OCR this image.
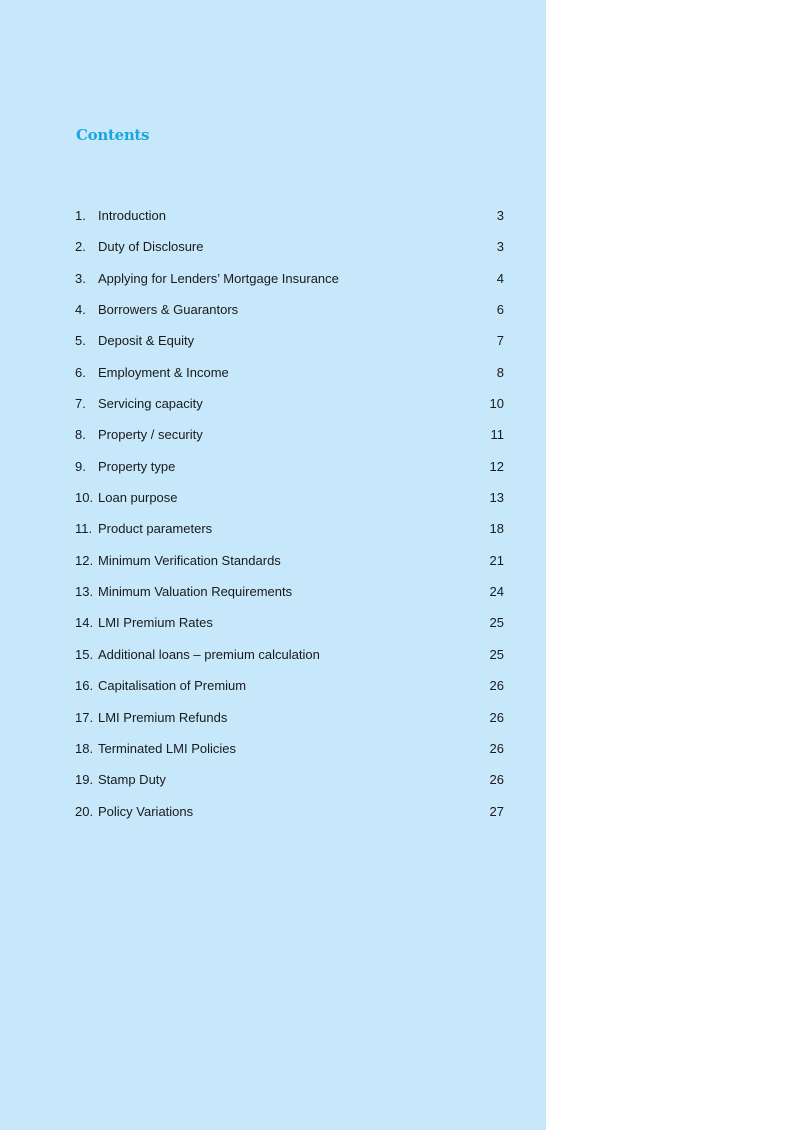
Contents
1. Introduction	3
2. Duty of Disclosure	3
3. Applying for Lenders’ Mortgage Insurance	4
4. Borrowers & Guarantors	6
5. Deposit & Equity	7
6. Employment & Income	8
7. Servicing capacity	10
8. Property / security	11
9. Property type	12
10. Loan purpose	13
11. Product parameters	18
12. Minimum Verification Standards	21
13. Minimum Valuation Requirements	24
14. LMI Premium Rates	25
15. Additional loans – premium calculation	25
16. Capitalisation of Premium	26
17. LMI Premium Refunds	26
18. Terminated LMI Policies	26
19. Stamp Duty	26
20. Policy Variations	27
